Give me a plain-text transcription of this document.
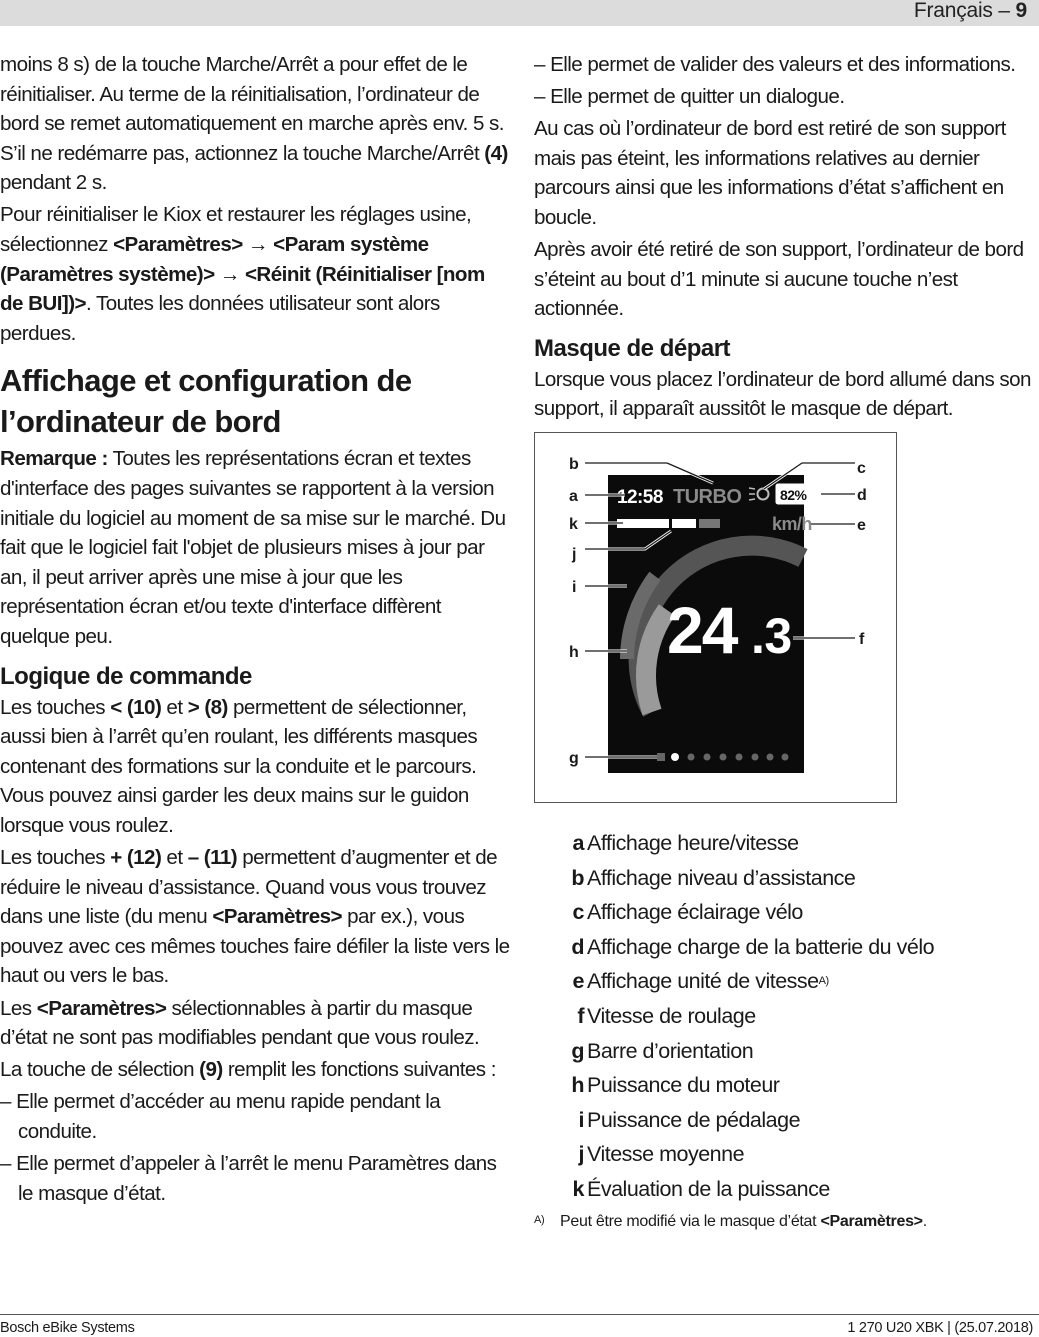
Français – 9

moins 8 s) de la touche Marche/Arrêt a pour effet de le réinitialiser. Au terme de la réinitialisation, l’ordinateur de bord se remet automatiquement en marche après env. 5 s. S’il ne redémarre pas, actionnez la touche Marche/Arrêt (4) pendant 2 s.

Pour réinitialiser le Kiox et restaurer les réglages usine, sélectionnez <Paramètres> → <Param système (Paramètres système)> → <Réinit (Réinitialiser [nom de BUI])>. Toutes les données utilisateur sont alors perdues.

Affichage et configuration de l’ordinateur de bord

Remarque : Toutes les représentations écran et textes d'interface des pages suivantes se rapportent à la version initiale du logiciel au moment de sa mise sur le marché. Du fait que le logiciel fait l'objet de plusieurs mises à jour par an, il peut arriver après une mise à jour que les représentation écran et/ou texte d'interface diffèrent quelque peu.

Logique de commande

Les touches < (10) et > (8) permettent de sélectionner, aussi bien à l’arrêt qu’en roulant, les différents masques contenant des formations sur la conduite et le parcours. Vous pouvez ainsi garder les deux mains sur le guidon lorsque vous roulez.

Les touches + (12) et – (11) permettent d’augmenter et de réduire le niveau d’assistance. Quand vous vous trouvez dans une liste (du menu <Paramètres> par ex.), vous pouvez avec ces mêmes touches faire défiler la liste vers le haut ou vers le bas.

Les <Paramètres> sélectionnables à partir du masque d’état ne sont pas modifiables pendant que vous roulez.

La touche de sélection (9) remplit les fonctions suivantes :

– Elle permet d’accéder au menu rapide pendant la conduite.

– Elle permet d’appeler à l’arrêt le menu Paramètres dans le masque d’état.

– Elle permet de valider des valeurs et des informations.

– Elle permet de quitter un dialogue.

Au cas où l’ordinateur de bord est retiré de son support mais pas éteint, les informations relatives au dernier parcours ainsi que les informations d’état s’affichent en boucle.

Après avoir été retiré de son support, l’ordinateur de bord s’éteint au bout d’1 minute si aucune touche n’est actionnée.

Masque de départ

Lorsque vous placez l’ordinateur de bord allumé dans son support, il apparaît aussitôt le masque de départ.

12:58 TURBO	82%
km/h
24 .3
b
a
k
j
i
h
g
c
d
e
f
a Affichage heure/vitesse
b Affichage niveau d’assistance
c Affichage éclairage vélo
d Affichage charge de la batterie du vélo
e Affichage unité de vitesse A)
f Vitesse de roulage
g Barre d’orientation
h Puissance du moteur
i Puissance de pédalage
j Vitesse moyenne
k Évaluation de la puissance
A) Peut être modifié via le masque d’état <Paramètres>.
Bosch eBike Systems	1 270 U20 XBK | (25.07.2018)
